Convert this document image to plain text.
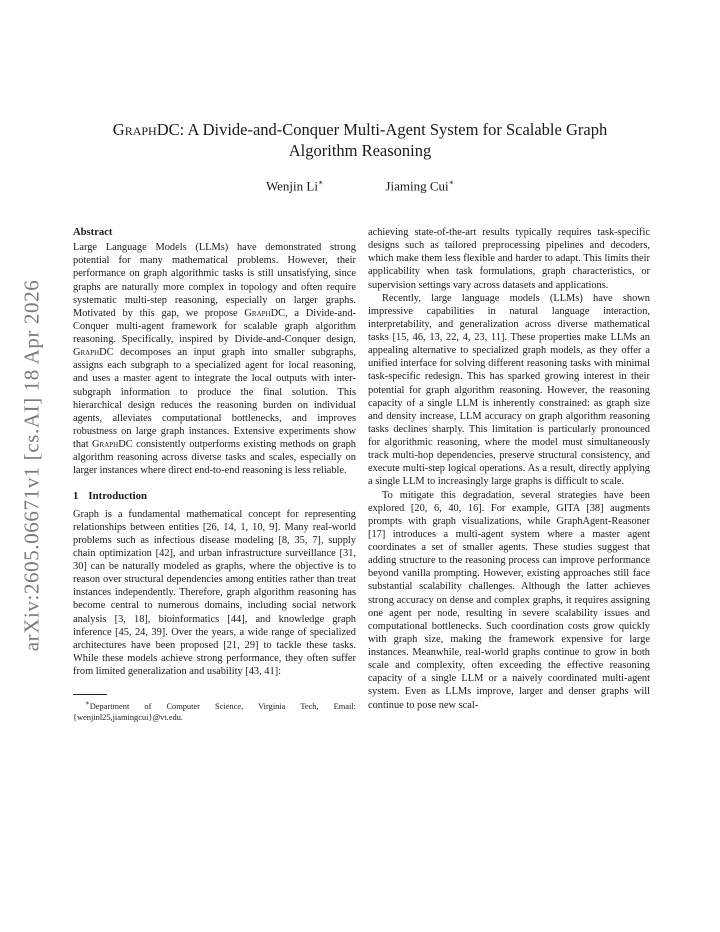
arXiv:2605.06671v1 [cs.AI] 18 Apr 2026
GraphDC: A Divide-and-Conquer Multi-Agent System for Scalable Graph
Algorithm Reasoning
Wenjin Li∗	Jiaming Cui∗
Abstract

Large Language Models (LLMs) have demonstrated strong potential for many mathematical problems. However, their performance on graph algorithmic tasks is still unsatisfying, since graphs are naturally more complex in topology and often require systematic multi-step reasoning, especially on larger graphs. Motivated by this gap, we propose GraphDC, a Divide-and-Conquer multi-agent framework for scalable graph algorithm reasoning. Specifically, inspired by Divide-and-Conquer design, GraphDC decomposes an input graph into smaller subgraphs, assigns each subgraph to a specialized agent for local reasoning, and uses a master agent to integrate the local outputs with inter-subgraph information to produce the final solution. This hierarchical design reduces the reasoning burden on individual agents, alleviates computational bottlenecks, and improves robustness on large graph instances. Extensive experiments show that GraphDC consistently outperforms existing methods on graph algorithm reasoning across diverse tasks and scales, especially on larger instances where direct end-to-end reasoning is less reliable.

1 Introduction

Graph is a fundamental mathematical concept for representing relationships between entities [26, 14, 1, 10, 9]. Many real-world problems such as infectious disease modeling [8, 35, 7], supply chain optimization [42], and urban infrastructure surveillance [31, 30] can be naturally modeled as graphs, where the objective is to reason over structural dependencies among entities rather than treat instances independently. Therefore, graph algorithm reasoning has become central to numerous domains, including social network analysis [3, 18], bioinformatics [44], and knowledge graph inference [45, 24, 39]. Over the years, a wide range of specialized architectures have been proposed [21, 29] to tackle these tasks. While these models achieve strong performance, they often suffer from limited generalization and usability [43, 41]:

∗Department of Computer Science, Virginia Tech, Email: {wenjinl25,jiamingcui}@vt.edu.

achieving state-of-the-art results typically requires task-specific designs such as tailored preprocessing pipelines and decoders, which make them less flexible and harder to adapt. This limits their applicability when task formulations, graph characteristics, or supervision settings vary across datasets and applications.

Recently, large language models (LLMs) have shown impressive capabilities in natural language interaction, interpretability, and generalization across diverse mathematical tasks [15, 46, 13, 22, 4, 23, 11]. These properties make LLMs an appealing alternative to specialized graph models, as they offer a unified interface for solving different reasoning tasks with minimal task-specific redesign. This has sparked growing interest in their potential for graph algorithm reasoning. However, the reasoning capacity of a single LLM is inherently constrained: as graph size and density increase, LLM accuracy on graph algorithm reasoning tasks declines sharply. This limitation is particularly pronounced for algorithmic reasoning, where the model must simultaneously track multi-hop dependencies, preserve structural consistency, and execute multi-step logical operations. As a result, directly applying a single LLM to increasingly large graphs is difficult to scale.

To mitigate this degradation, several strategies have been explored [20, 6, 40, 16]. For example, GITA [38] augments prompts with graph visualizations, while GraphAgent-Reasoner [17] introduces a multi-agent system where a master agent coordinates a set of smaller agents. These studies suggest that adding structure to the reasoning process can improve performance beyond vanilla prompting. However, existing approaches still face substantial scalability challenges. Although the latter achieves strong accuracy on dense and complex graphs, it requires assigning one agent per node, resulting in severe scalability issues and computational bottlenecks. Such coordination costs grow quickly with graph size, making the framework expensive for large instances. Meanwhile, real-world graphs continue to grow in both scale and complexity, often exceeding the effective reasoning capacity of a single LLM or a naively coordinated multi-agent system. Even as LLMs improve, larger and denser graphs will continue to pose new scal-
